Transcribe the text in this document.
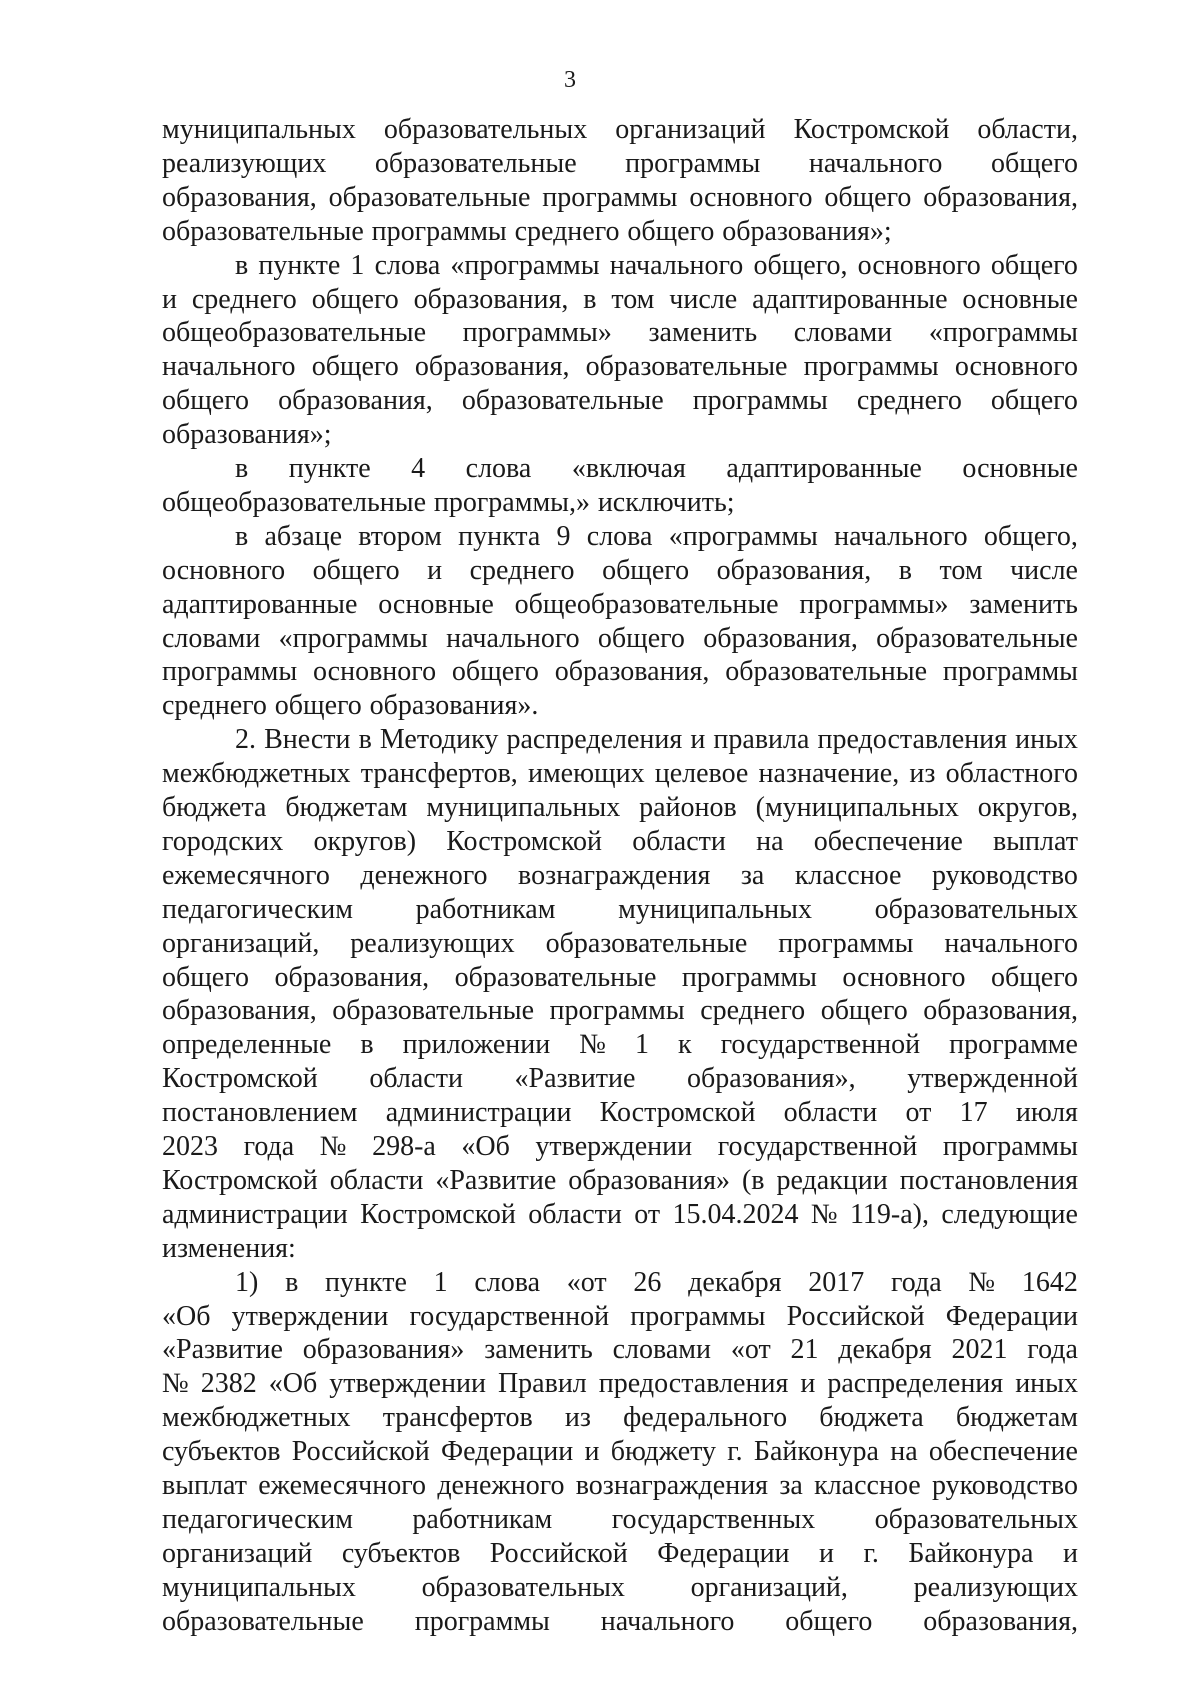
3
муниципальных образовательных организаций Костромской области,
реализующих образовательные программы начального общего
образования, образовательные программы основного общего образования,
образовательные программы среднего общего образования»;
в пункте 1 слова «программы начального общего, основного общего
и среднего общего образования, в том числе адаптированные основные
общеобразовательные программы» заменить словами «программы
начального общего образования, образовательные программы основного
общего образования, образовательные программы среднего общего
образования»;
в пункте 4 слова «включая адаптированные основные
общеобразовательные программы,» исключить;
в абзаце втором пункта 9 слова «программы начального общего,
основного общего и среднего общего образования, в том числе
адаптированные основные общеобразовательные программы» заменить
словами «программы начального общего образования, образовательные
программы основного общего образования, образовательные программы
среднего общего образования».
2. Внести в Методику распределения и правила предоставления иных
межбюджетных трансфертов, имеющих целевое назначение, из областного
бюджета бюджетам муниципальных районов (муниципальных округов,
городских округов) Костромской области на обеспечение выплат
ежемесячного денежного вознаграждения за классное руководство
педагогическим работникам муниципальных образовательных
организаций, реализующих образовательные программы начального
общего образования, образовательные программы основного общего
образования, образовательные программы среднего общего образования,
определенные в приложении № 1 к государственной программе
Костромской области «Развитие образования», утвержденной
постановлением администрации Костромской области от 17 июля
2023 года № 298-а «Об утверждении государственной программы
Костромской области «Развитие образования» (в редакции постановления
администрации Костромской области от 15.04.2024 № 119-а), следующие
изменения:
1) в пункте 1 слова «от 26 декабря 2017 года № 1642
«Об утверждении государственной программы Российской Федерации
«Развитие образования» заменить словами «от 21 декабря 2021 года
№ 2382 «Об утверждении Правил предоставления и распределения иных
межбюджетных трансфертов из федерального бюджета бюджетам
субъектов Российской Федерации и бюджету г. Байконура на обеспечение
выплат ежемесячного денежного вознаграждения за классное руководство
педагогическим работникам государственных образовательных
организаций субъектов Российской Федерации и г. Байконура и
муниципальных образовательных организаций, реализующих
образовательные программы начального общего образования,
